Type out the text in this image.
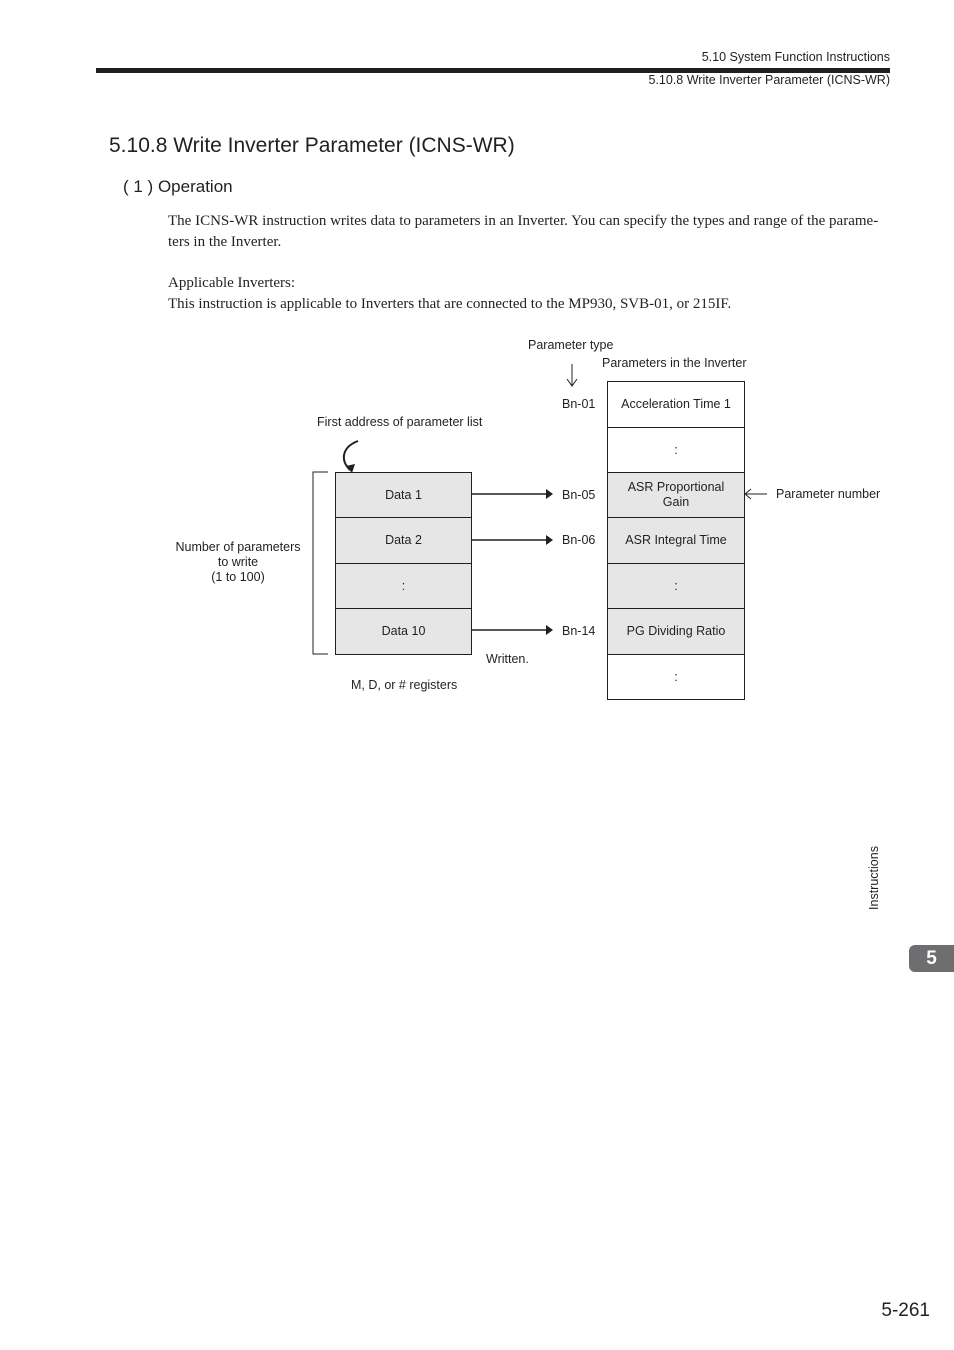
5.10 System Function Instructions
5.10.8 Write Inverter Parameter (ICNS-WR)
5.10.8 Write Inverter Parameter (ICNS-WR)
( 1 ) Operation
The ICNS-WR instruction writes data to parameters in an Inverter. You can specify the types and range of the parame-ters in the Inverter.
Applicable Inverters:
This instruction is applicable to Inverters that are connected to the MP930, SVB-01, or 215IF.
Parameter type
Parameters in the Inverter
First address of parameter list
Number of parameters
to write
(1 to 100)
Parameter number
Written.
M, D, or # registers
Bn-01
Bn-05
Bn-06
Bn-14
Data 1
Data 2
:
Data 10
Acceleration Time 1
:
ASR Proportional Gain
ASR Integral Time
:
PG Dividing Ratio
:
Instructions
5
5-261
